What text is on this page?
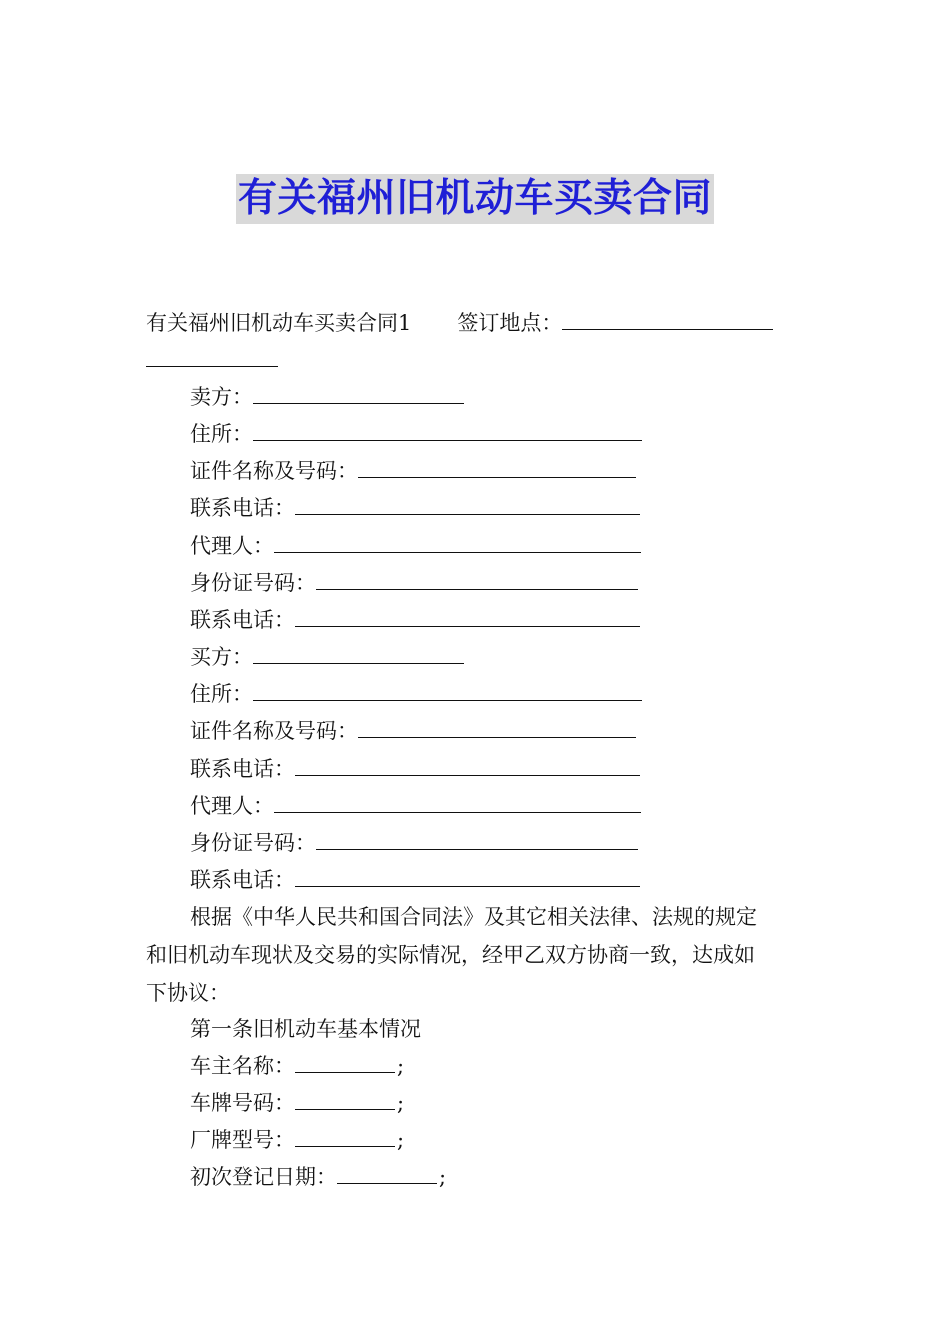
有关福州旧机动车买卖合同
有关福州旧机动车买卖合同1 签订地点：
卖方：
住所：
证件名称及号码：
联系电话：
代理人：
身份证号码：
联系电话：
买方：
住所：
证件名称及号码：
联系电话：
代理人：
身份证号码：
联系电话：
根据《中华人民共和国合同法》及其它相关法律、法规的规定
和旧机动车现状及交易的实际情况，经甲乙双方协商一致，达成如
下协议：
第一条旧机动车基本情况
车主名称：	;
车牌号码：	;
厂牌型号：	;
初次登记日期：	;
